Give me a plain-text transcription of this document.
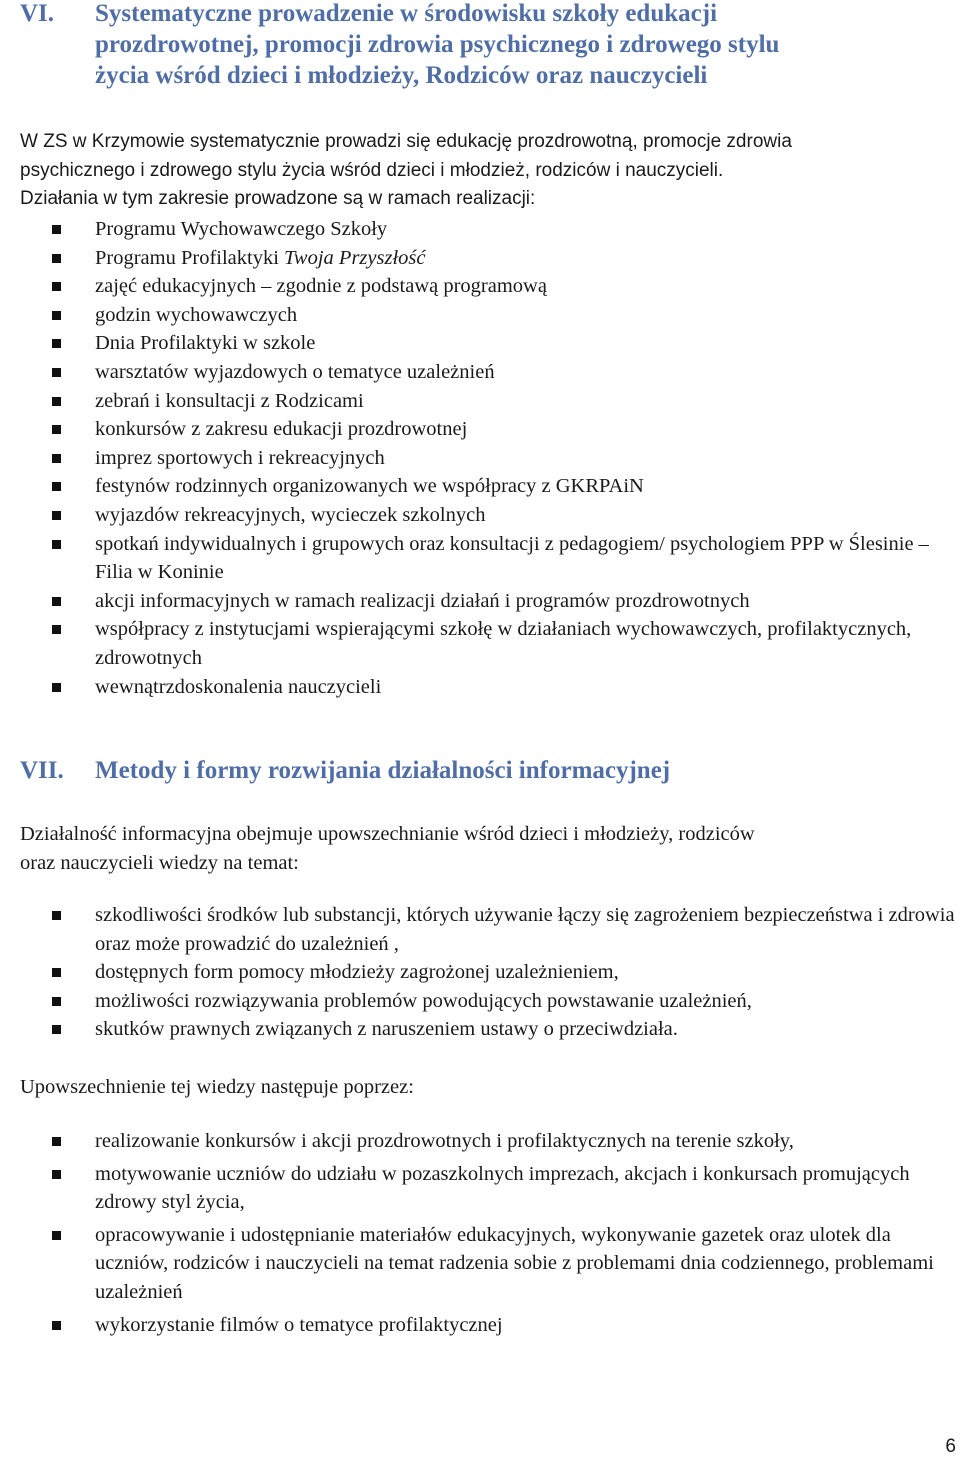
VI. Systematyczne prowadzenie w środowisku szkoły edukacji
prozdrowotnej, promocji zdrowia psychicznego i zdrowego stylu
życia wśród dzieci i młodzieży, Rodziców oraz nauczycieli
W ZS w Krzymowie systematycznie prowadzi się edukację prozdrowotną, promocje zdrowia
psychicznego i zdrowego stylu życia wśród dzieci i młodzież, rodziców i nauczycieli.
Działania w tym zakresie prowadzone są w ramach realizacji:
Programu Wychowawczego Szkoły
Programu Profilaktyki Twoja Przyszłość
zajęć edukacyjnych – zgodnie z podstawą programową
godzin wychowawczych
Dnia Profilaktyki w szkole
warsztatów wyjazdowych o tematyce uzależnień
zebrań i konsultacji z Rodzicami
konkursów z zakresu edukacji prozdrowotnej
imprez sportowych i rekreacyjnych
festynów rodzinnych organizowanych we współpracy z GKRPAiN
wyjazdów rekreacyjnych, wycieczek szkolnych
spotkań indywidualnych i grupowych oraz konsultacji z pedagogiem/ psychologiem PPP w Ślesinie – Filia w Koninie
akcji informacyjnych w ramach realizacji działań i programów prozdrowotnych
współpracy z instytucjami wspierającymi szkołę w działaniach wychowawczych, profilaktycznych, zdrowotnych
wewnątrzdoskonalenia nauczycieli
VII. Metody i formy rozwijania działalności informacyjnej
Działalność informacyjna obejmuje upowszechnianie wśród dzieci i młodzieży, rodziców
oraz nauczycieli wiedzy na temat:
szkodliwości środków lub substancji, których używanie łączy się zagrożeniem bezpieczeństwa i zdrowia oraz może prowadzić do uzależnień ,
dostępnych form pomocy młodzieży zagrożonej uzależnieniem,
możliwości rozwiązywania problemów powodujących powstawanie uzależnień,
skutków prawnych związanych z naruszeniem ustawy o przeciwdziała.
Upowszechnienie tej wiedzy następuje poprzez:
realizowanie konkursów i akcji prozdrowotnych i profilaktycznych na terenie szkoły,
motywowanie uczniów do udziału w pozaszkolnych imprezach, akcjach i konkursach promujących zdrowy styl życia,
opracowywanie i udostępnianie materiałów edukacyjnych, wykonywanie gazetek oraz ulotek dla uczniów, rodziców i nauczycieli na temat radzenia sobie z problemami dnia codziennego, problemami uzależnień
wykorzystanie filmów o tematyce profilaktycznej
6
